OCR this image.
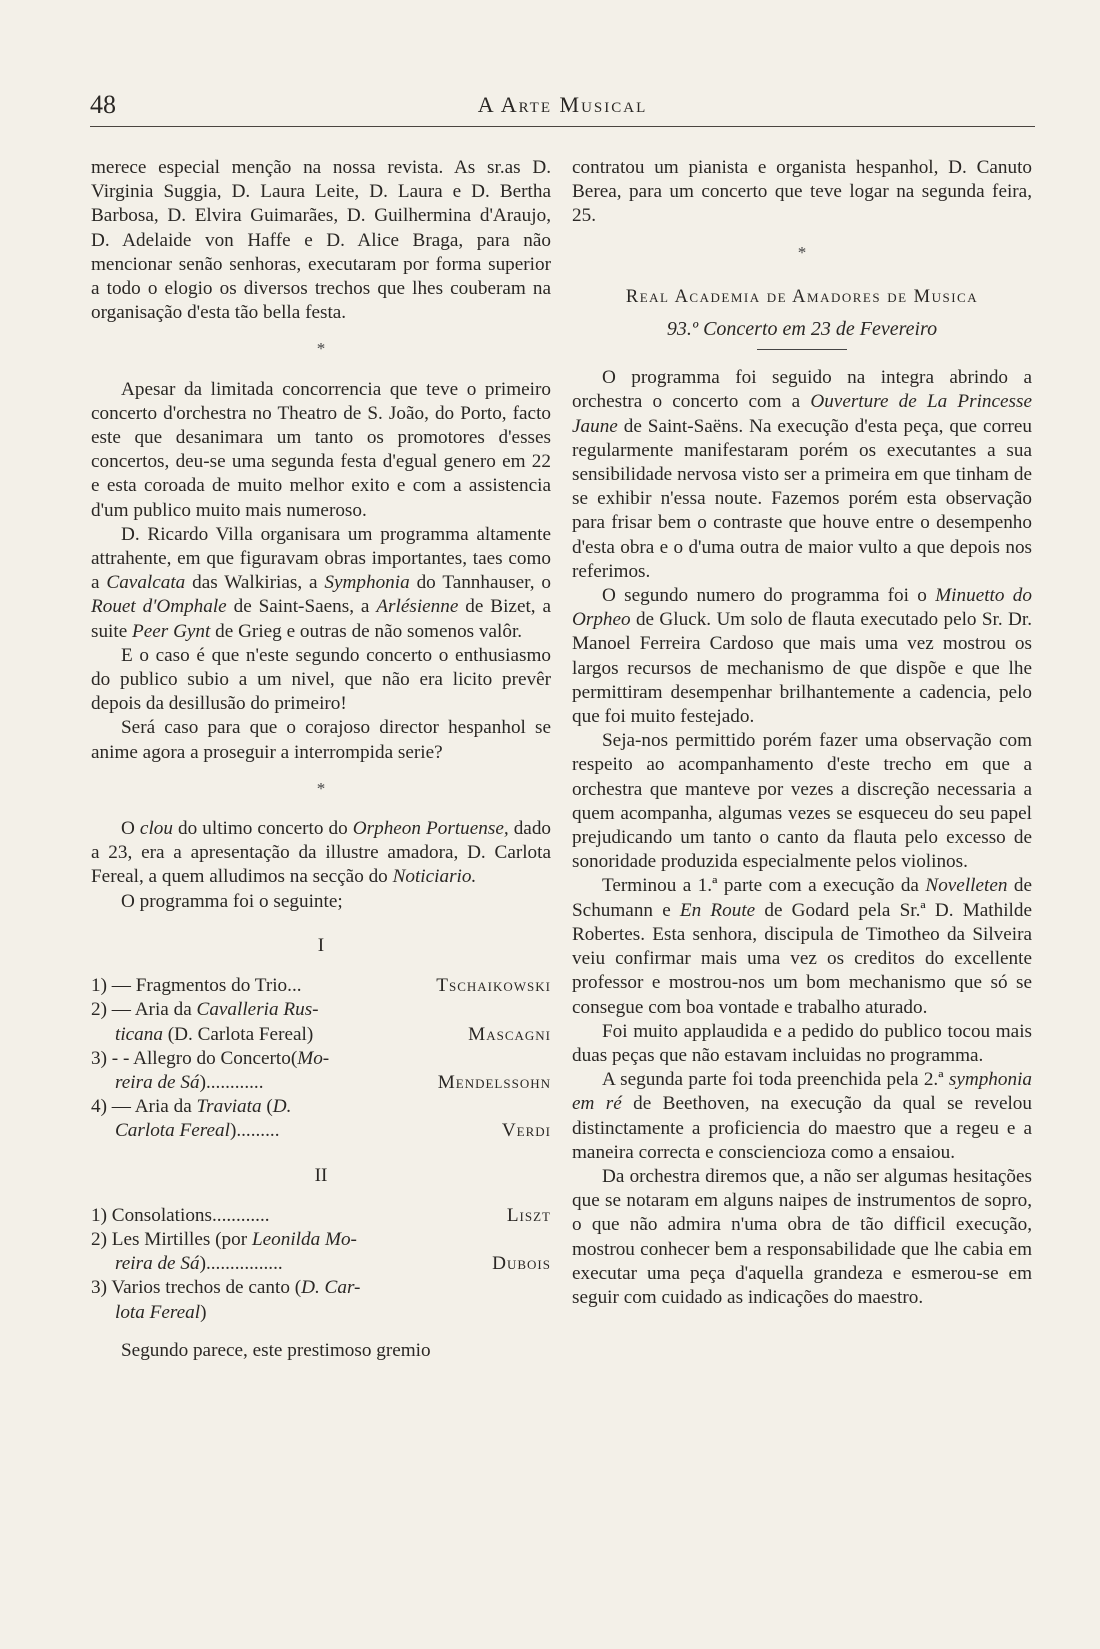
48	A Arte Musical

merece especial menção na nossa revista. As sr.as D. Virginia Suggia, D. Laura Leite, D. Laura e D. Bertha Barbosa, D. Elvira Guimarães, D. Guilhermina d'Araujo, D. Adelaide von Haffe e D. Alice Braga, para não mencionar senão senhoras, executaram por forma superior a todo o elogio os diversos trechos que lhes couberam na organisação d'esta tão bella festa.

*

Apesar da limitada concorrencia que teve o primeiro concerto d'orchestra no Theatro de S. João, do Porto, facto este que desanimara um tanto os promotores d'esses concertos, deu-se uma segunda festa d'egual genero em 22 e esta coroada de muito melhor exito e com a assistencia d'um publico muito mais numeroso.

D. Ricardo Villa organisara um programma altamente attrahente, em que figuravam obras importantes, taes como a Cavalcata das Walkirias, a Symphonia do Tannhauser, o Rouet d'Omphale de Saint-Saens, a Arlésienne de Bizet, a suite Peer Gynt de Grieg e outras de não somenos valôr.

E o caso é que n'este segundo concerto o enthusiasmo do publico subio a um nivel, que não era licito prevêr depois da desillusão do primeiro!

Será caso para que o corajoso director hespanhol se anime agora a proseguir a interrompida serie?

*

O clou do ultimo concerto do Orpheon Portuense, dado a 23, era a apresentação da illustre amadora, D. Carlota Fereal, a quem alludimos na secção do Noticiario.

O programma foi o seguinte;

I
1) — Fragmentos do Trio...	Tschaikowski
2) — Aria da Cavalleria Rus-
ticana (D. Carlota Fereal)	Mascagni
3) - - Allegro do Concerto(Mo-
reira de Sá)............	Mendelssohn
4) — Aria da Traviata (D.
Carlota Fereal).........	Verdi
II
1) Consolations............	Liszt
2) Les Mirtilles (por Leonilda Mo-
reira de Sá)................	Dubois
3) Varios trechos de canto (D. Car-
lota Fereal)

Segundo parece, este prestimoso gremio

contratou um pianista e organista hespanhol, D. Canuto Berea, para um concerto que teve logar na segunda feira, 25.

*
Real Academia de Amadores de Musica
93.º Concerto em 23 de Fevereiro

O programma foi seguido na integra abrindo a orchestra o concerto com a Ouverture de La Princesse Jaune de Saint-Saëns. Na execução d'esta peça, que correu regularmente manifestaram porém os executantes a sua sensibilidade nervosa visto ser a primeira em que tinham de se exhibir n'essa noute. Fazemos porém esta observação para frisar bem o contraste que houve entre o desempenho d'esta obra e o d'uma outra de maior vulto a que depois nos referimos.

O segundo numero do programma foi o Minuetto do Orpheo de Gluck. Um solo de flauta executado pelo Sr. Dr. Manoel Ferreira Cardoso que mais uma vez mostrou os largos recursos de mechanismo de que dispõe e que lhe permittiram desempenhar brilhantemente a cadencia, pelo que foi muito festejado.

Seja-nos permittido porém fazer uma observação com respeito ao acompanhamento d'este trecho em que a orchestra que manteve por vezes a discreção necessaria a quem acompanha, algumas vezes se esqueceu do seu papel prejudicando um tanto o canto da flauta pelo excesso de sonoridade produzida especialmente pelos violinos.

Terminou a 1.ª parte com a execução da Novelleten de Schumann e En Route de Godard pela Sr.ª D. Mathilde Robertes. Esta senhora, discipula de Timotheo da Silveira veiu confirmar mais uma vez os creditos do excellente professor e mostrou-nos um bom mechanismo que só se consegue com boa vontade e trabalho aturado.

Foi muito applaudida e a pedido do publico tocou mais duas peças que não estavam incluidas no programma.

A segunda parte foi toda preenchida pela 2.ª symphonia em ré de Beethoven, na execução da qual se revelou distinctamente a proficiencia do maestro que a regeu e a maneira correcta e consciencioza como a ensaiou.

Da orchestra diremos que, a não ser algumas hesitações que se notaram em alguns naipes de instrumentos de sopro, o que não admira n'uma obra de tão difficil execução, mostrou conhecer bem a responsabilidade que lhe cabia em executar uma peça d'aquella grandeza e esmerou-se em seguir com cuidado as indicações do maestro.
